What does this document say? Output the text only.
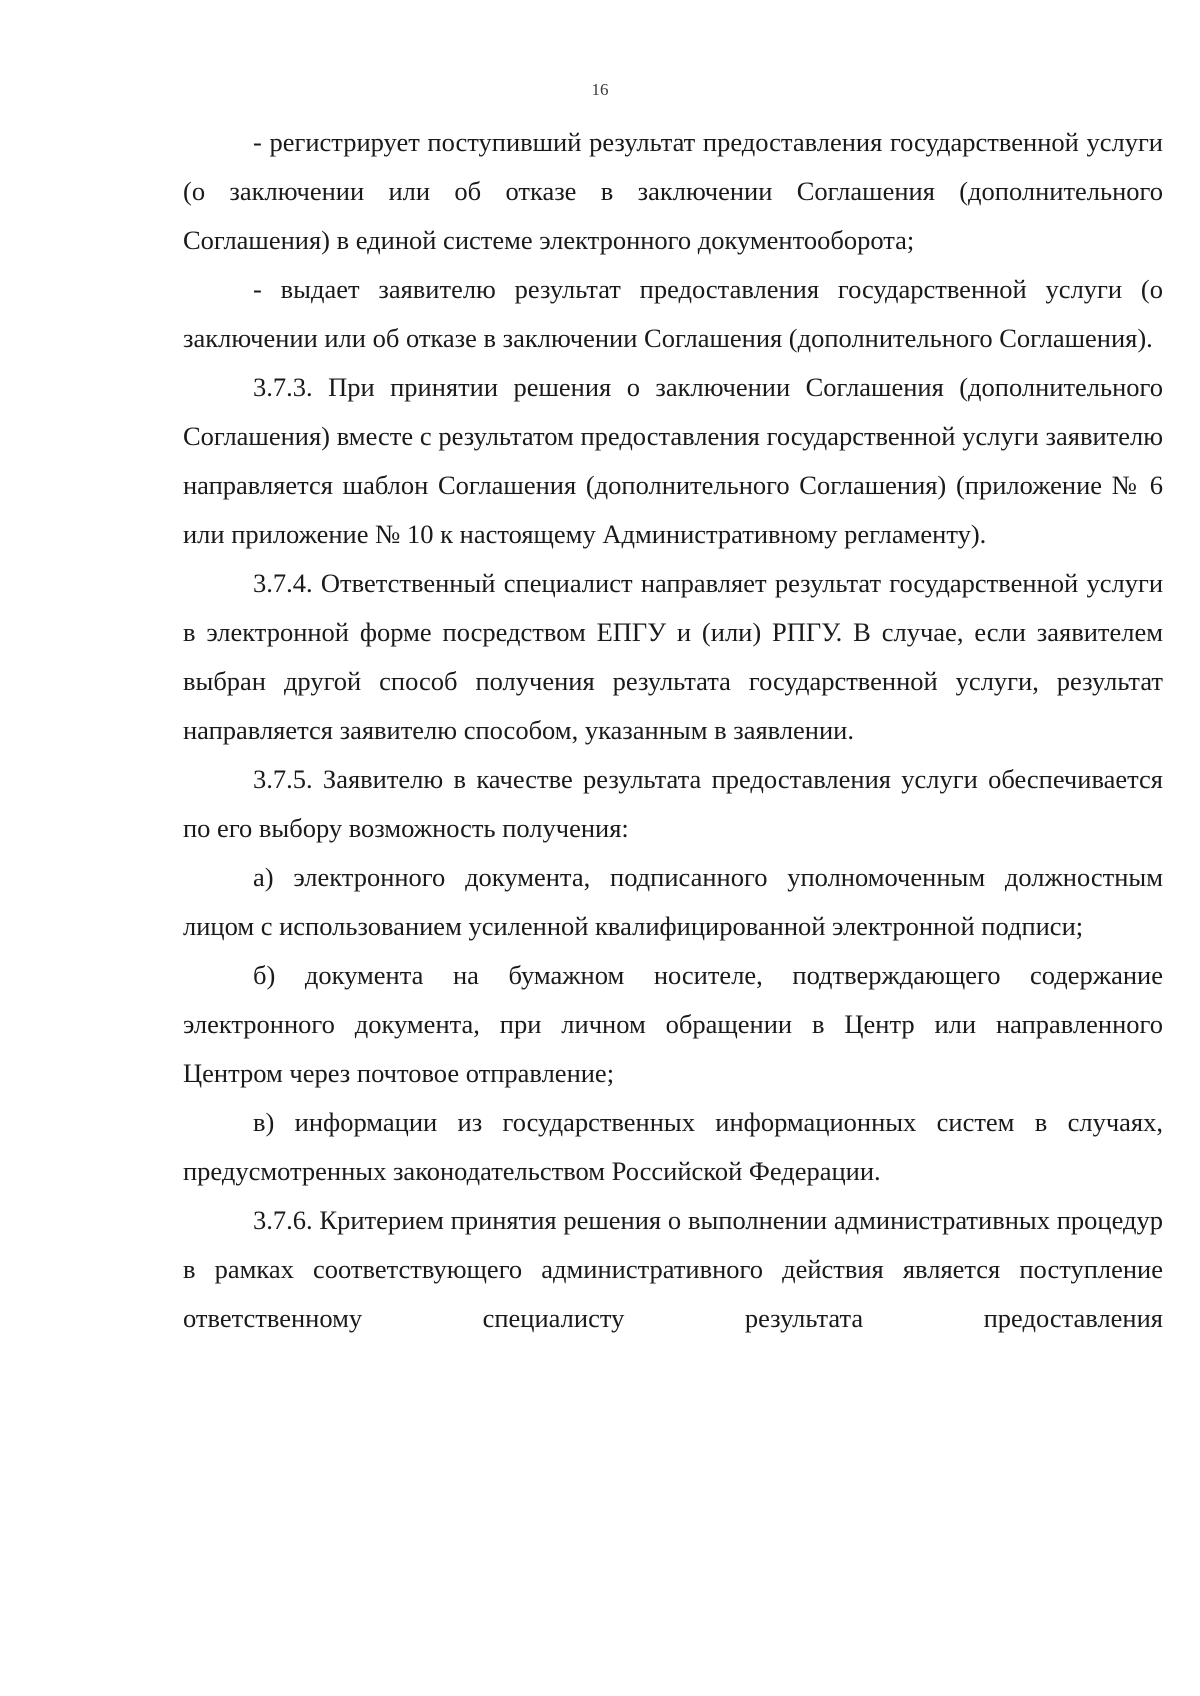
16

- регистрирует поступивший результат предоставления государственной услуги (о заключении или об отказе в заключении Соглашения (дополнительного Соглашения) в единой системе электронного документооборота;

- выдает заявителю результат предоставления государственной услуги (о заключении или об отказе в заключении Соглашения (дополнительного Соглашения).

3.7.3. При принятии решения о заключении Соглашения (дополнительного Соглашения) вместе с результатом предоставления государственной услуги заявителю направляется шаблон Соглашения (дополнительного Соглашения) (приложение № 6 или приложение № 10 к настоящему Административному регламенту).

3.7.4. Ответственный специалист направляет результат государственной услуги в электронной форме посредством ЕПГУ и (или) РПГУ. В случае, если заявителем выбран другой способ получения результата государственной услуги, результат направляется заявителю способом, указанным в заявлении.

3.7.5. Заявителю в качестве результата предоставления услуги обеспечивается по его выбору возможность получения:

а) электронного документа, подписанного уполномоченным должностным лицом с использованием усиленной квалифицированной электронной подписи;

б) документа на бумажном носителе, подтверждающего содержание электронного документа, при личном обращении в Центр или направленного Центром через почтовое отправление;

в) информации из государственных информационных систем в случаях, предусмотренных законодательством Российской Федерации.

3.7.6. Критерием принятия решения о выполнении административных процедур в рамках соответствующего административного действия является поступление ответственному специалисту результата предоставления
